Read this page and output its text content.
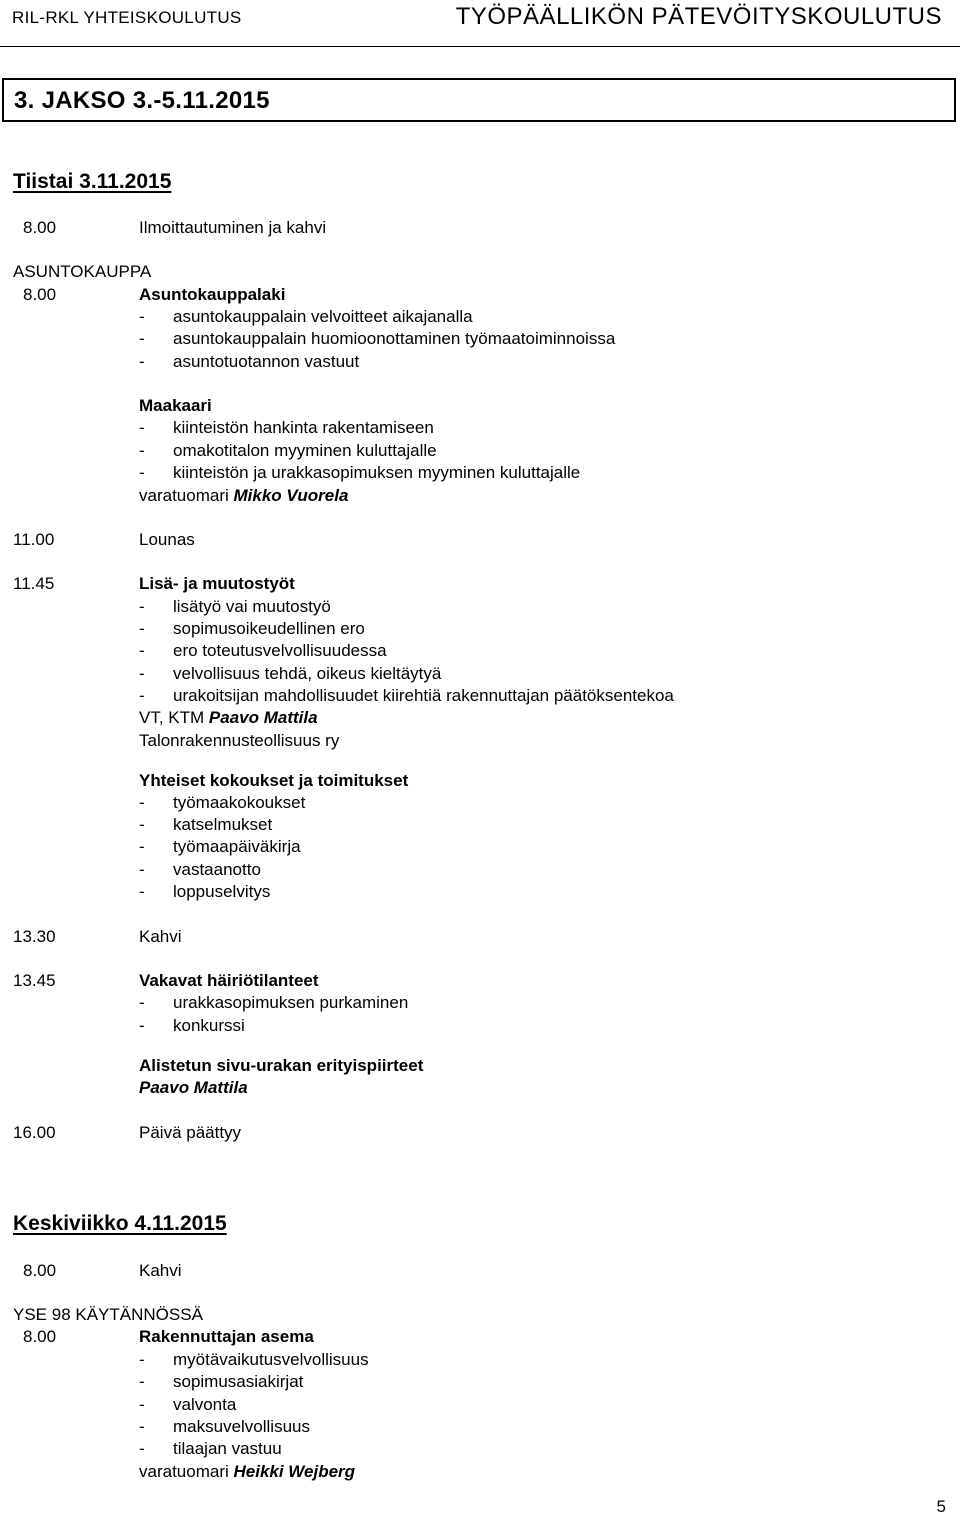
RIL-RKL YHTEISKOULUTUS	TYÖPÄÄLLIKÖN PÄTEVÖITYSKOULUTUS
3. JAKSO 3.-5.11.2015
Tiistai 3.11.2015
8.00	Ilmoittautuminen ja kahvi
ASUNTOKAUPPA
8.00	Asuntokauppalaki
- asuntokauppalain velvoitteet aikajanalla
- asuntokauppalain huomioonottaminen työmaatoiminnoissa
- asuntotuotannon vastuut
Maakaari
- kiinteistön hankinta rakentamiseen
- omakotitalon myyminen kuluttajalle
- kiinteistön ja urakkasopimuksen myyminen kuluttajalle
varatuomari Mikko Vuorela
11.00	Lounas
11.45	Lisä- ja muutostyöt
- lisätyö vai muutostyö
- sopimusoikeudellinen ero
- ero toteutusvelvollisuudessa
- velvollisuus tehdä, oikeus kieltäytyä
- urakoitsijan mahdollisuudet kiirehtiä rakennuttajan päätöksentekoa
VT, KTM Paavo Mattila
Talonrakennusteollisuus ry
Yhteiset kokoukset ja toimitukset
- työmaakokoukset
- katselmukset
- työmaapäiväkirja
- vastaanotto
- loppuselvitys
13.30	Kahvi
13.45	Vakavat häiriötilanteet
- urakkasopimuksen purkaminen
- konkurssi
Alistetun sivu-urakan erityispiirteet
Paavo Mattila
16.00	Päivä päättyy
Keskiviikko 4.11.2015
8.00	Kahvi
YSE 98 KÄYTÄNNÖSSÄ
8.00	Rakennuttajan asema
- myötävaikutusvelvollisuus
- sopimusasiakirjat
- valvonta
- maksuvelvollisuus
- tilaajan vastuu
varatuomari Heikki Wejberg
5
